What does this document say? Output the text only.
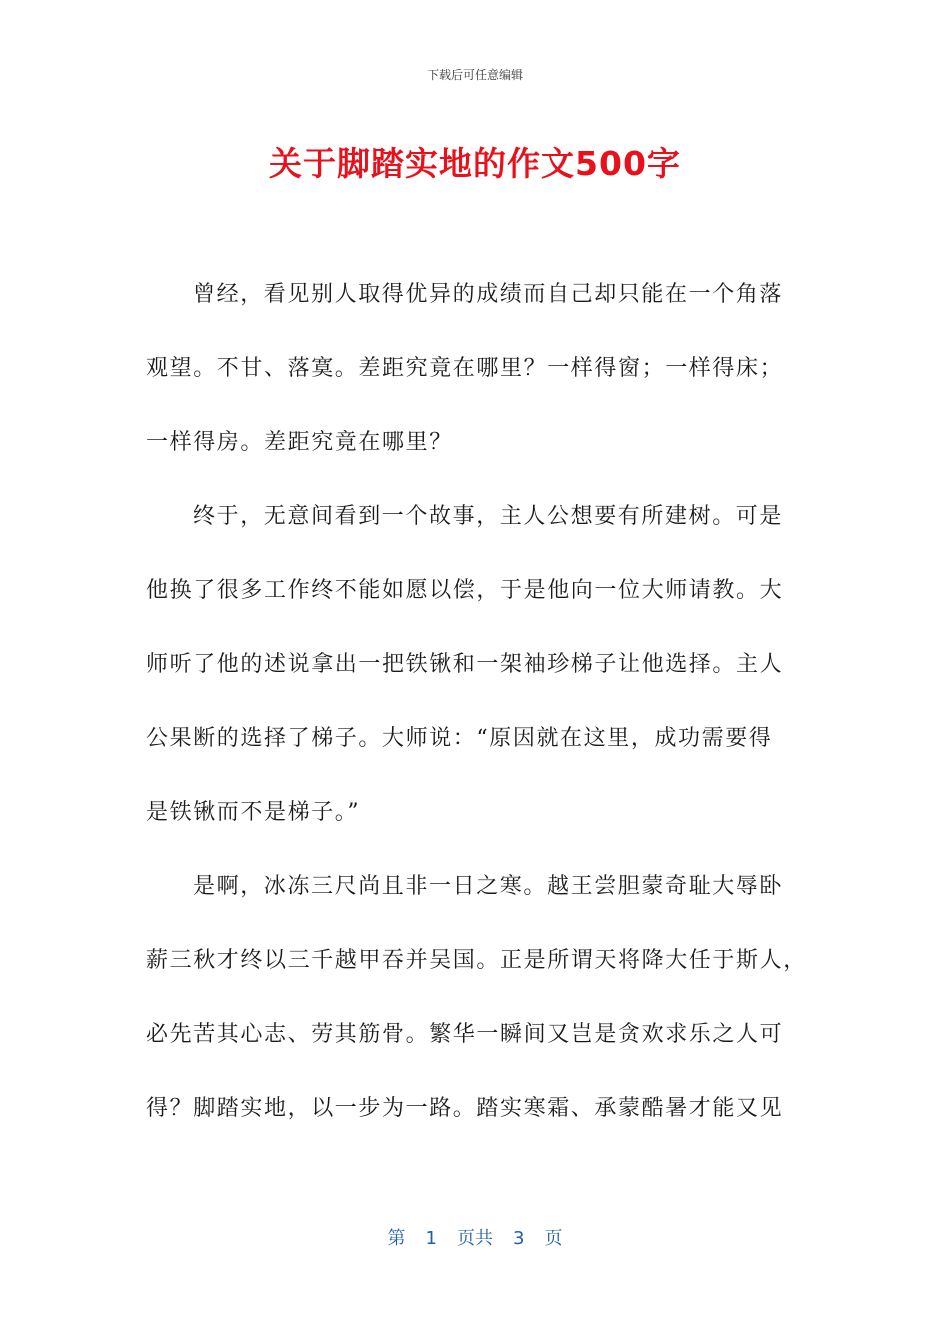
下载后可任意编辑
关于脚踏实地的作文500字
曾经，看见别人取得优异的成绩而自己却只能在一个角落
观望。不甘、落寞。差距究竟在哪里？一样得窗；一样得床；
一样得房。差距究竟在哪里？
终于，无意间看到一个故事，主人公想要有所建树。可是
他换了很多工作终不能如愿以偿，于是他向一位大师请教。大
师听了他的述说拿出一把铁锹和一架袖珍梯子让他选择。主人
公果断的选择了梯子。大师说：“原因就在这里，成功需要得
是铁锹而不是梯子。”
是啊，冰冻三尺尚且非一日之寒。越王尝胆蒙奇耻大辱卧
薪三秋才终以三千越甲吞并吴国。正是所谓天将降大任于斯人，
必先苦其心志、劳其筋骨。繁华一瞬间又岂是贪欢求乐之人可
得？脚踏实地，以一步为一路。踏实寒霜、承蒙酷暑才能又见
第 1 页共 3 页
